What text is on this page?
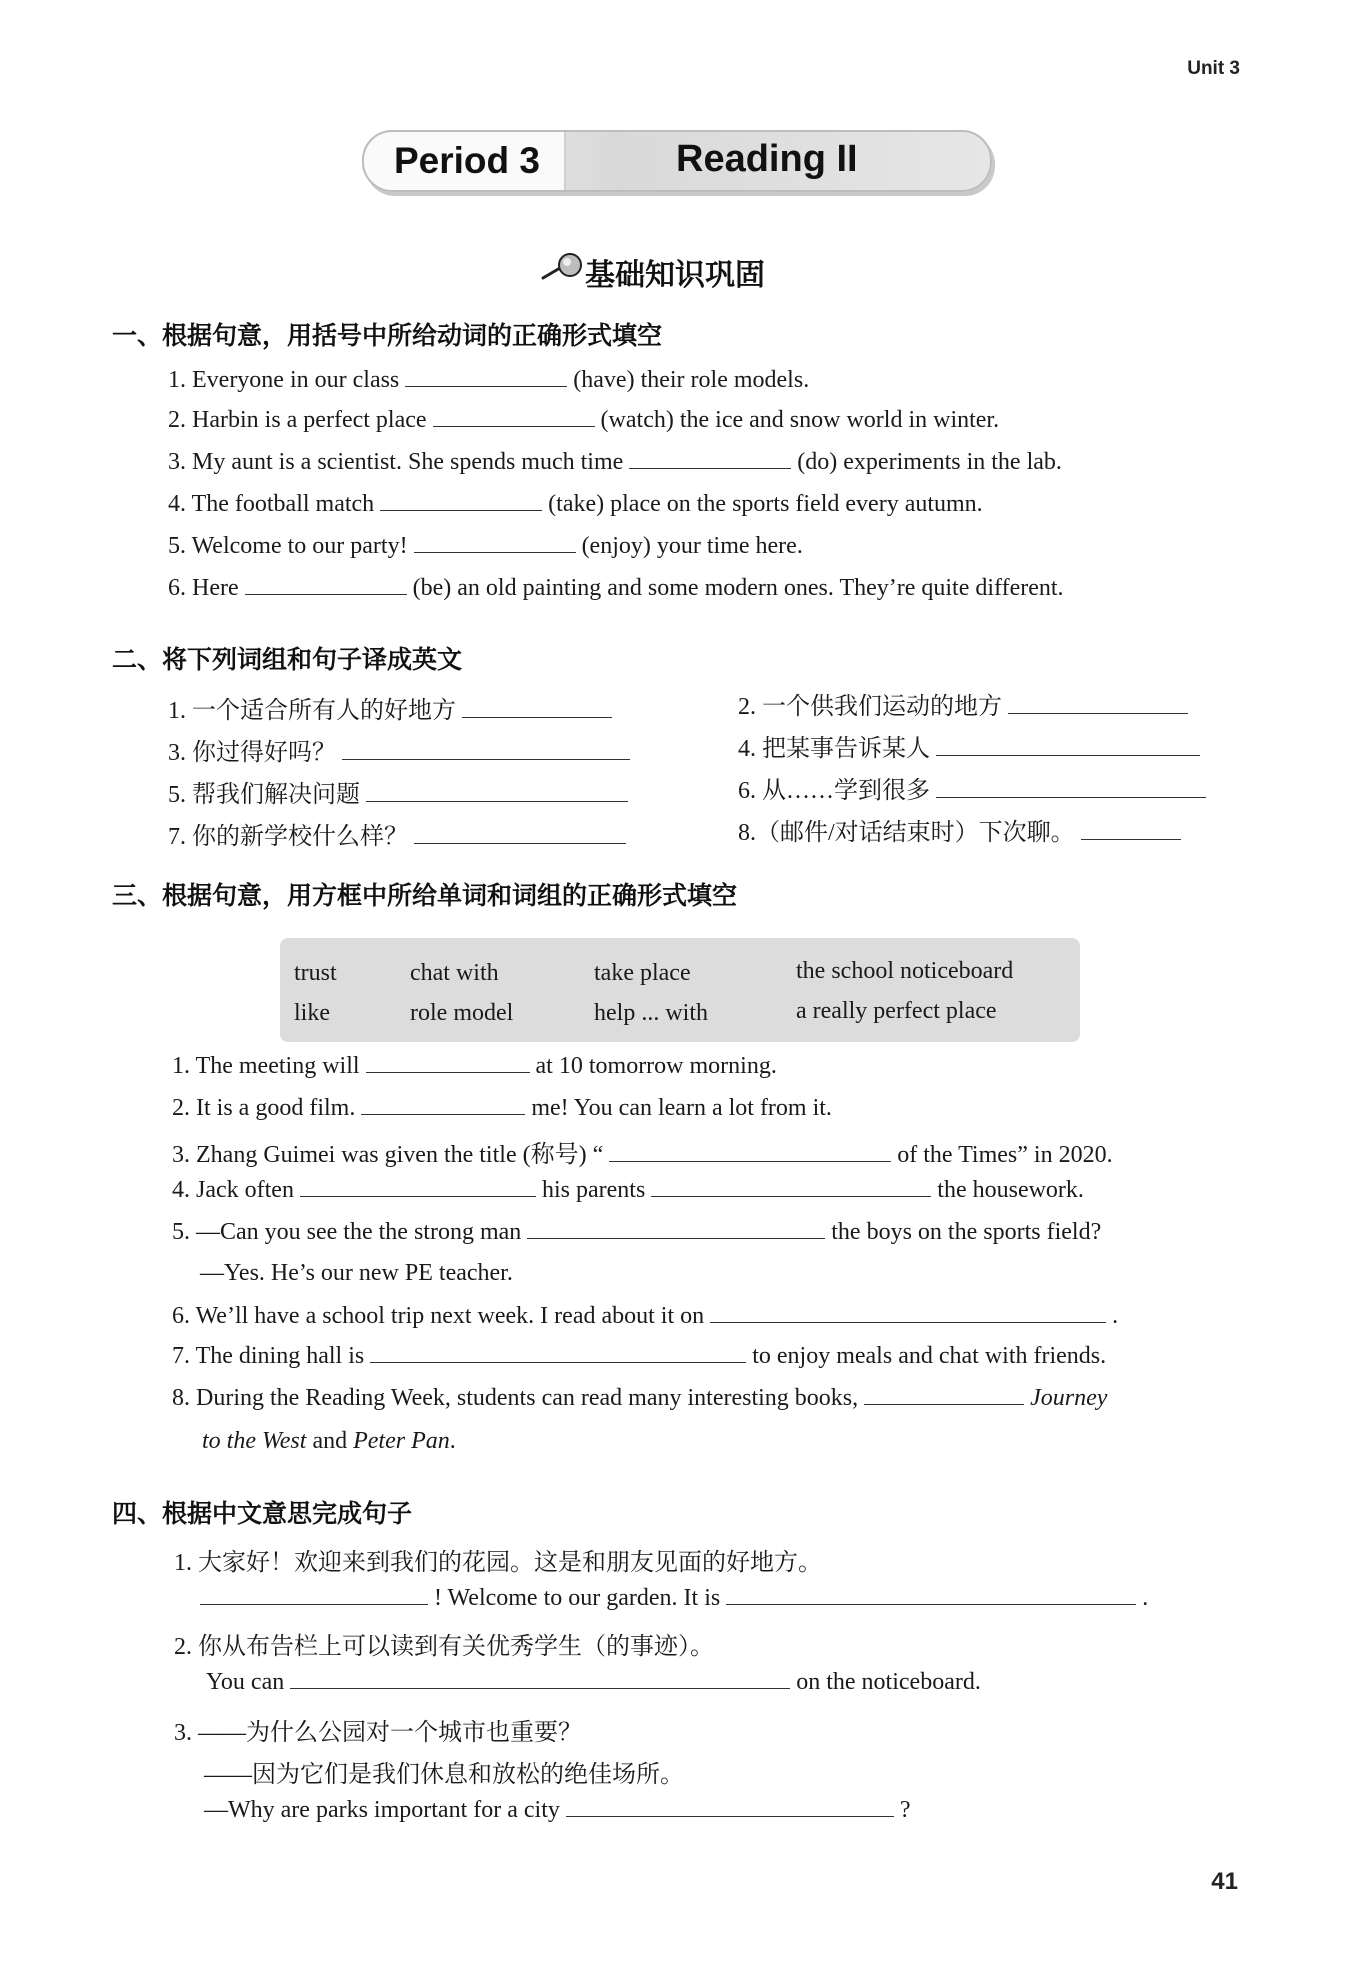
Unit 3
Period 3	Reading II
基础知识巩固
一、根据句意，用括号中所给动词的正确形式填空
1. Everyone in our class	(have) their role models.
2. Harbin is a perfect place	(watch) the ice and snow world in winter.
3. My aunt is a scientist. She spends much time	(do) experiments in the lab.
4. The football match	(take) place on the sports field every autumn.
5. Welcome to our party!	(enjoy) your time here.
6. Here	(be) an old painting and some modern ones. They’re quite different.
二、将下列词组和句子译成英文
1. 一个适合所有人的好地方	2. 一个供我们运动的地方
3. 你过得好吗？	4. 把某事告诉某人
5. 帮我们解决问题	6. 从……学到很多
7. 你的新学校什么样？	8.（邮件/对话结束时）下次聊。
三、根据句意，用方框中所给单词和词组的正确形式填空
trust	chat with	take place	the school noticeboard
like	role model	help ... with	a really perfect place
1. The meeting will	at 10 tomorrow morning.
2. It is a good film.	me! You can learn a lot from it.
3. Zhang Guimei was given the title (称号) “	of the Times” in 2020.
4. Jack often	his parents	the housework.
5. —Can you see the the strong man	the boys on the sports field?
—Yes. He’s our new PE teacher.
6. We’ll have a school trip next week. I read about it on	.
7. The dining hall is	to enjoy meals and chat with friends.
8. During the Reading Week, students can read many interesting books,	Journey
to the West and Peter Pan.
四、根据中文意思完成句子
1. 大家好！欢迎来到我们的花园。这是和朋友见面的好地方。
! Welcome to our garden. It is	.
2. 你从布告栏上可以读到有关优秀学生（的事迹）。
You can	on the noticeboard.
3. ——为什么公园对一个城市也重要？
——因为它们是我们休息和放松的绝佳场所。
—Why are parks important for a city	?
41
